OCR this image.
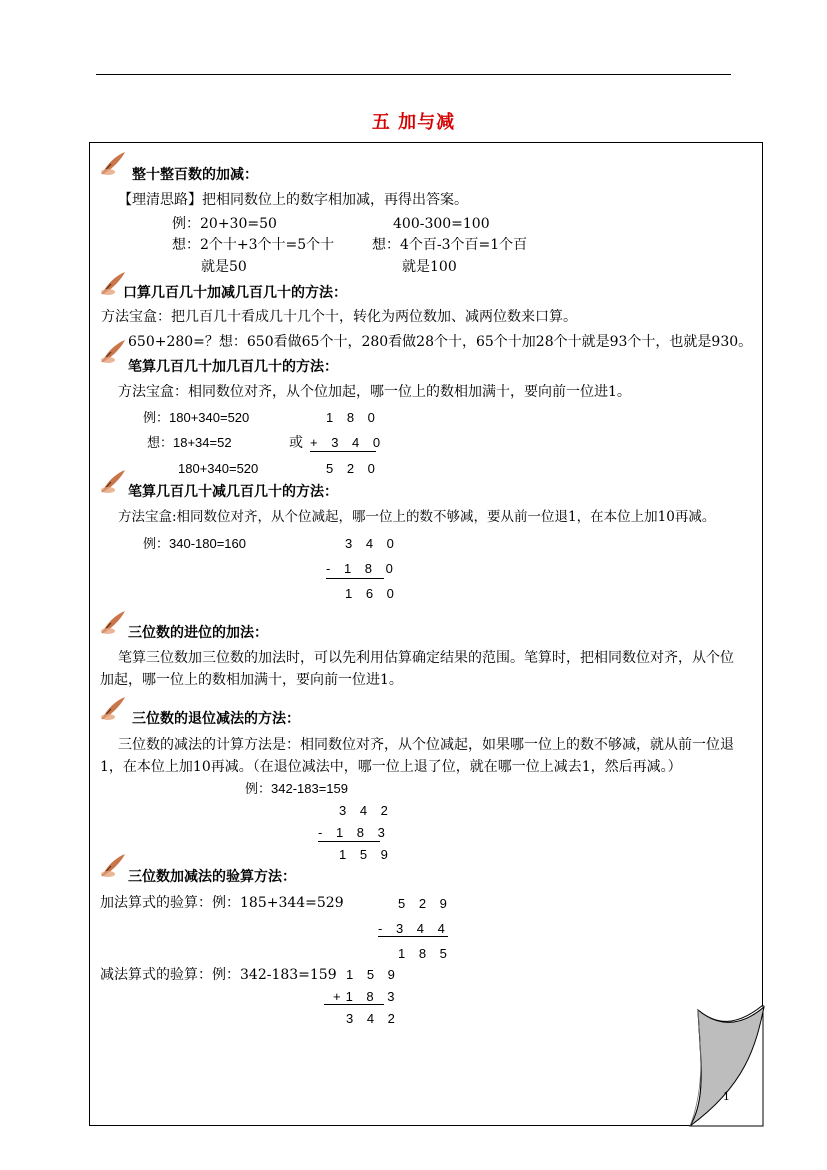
五 加与减
整十整百数的加减：
【理清思路】把相同数位上的数字相加减，再得出答案。
例：20+30=50	400-300=100
想：2个十+3个十=5个十	想：4个百-3个百=1个百
就是50	就是100
口算几百几十加减几百几十的方法：
方法宝盒：把几百几十看成几十几个十，转化为两位数加、减两位数来口算。
650+280=？想：650看做65个十，280看做28个十，65个十加28个十就是93个十，也就是930。
笔算几百几十加几百几十的方法：
方法宝盒：相同数位对齐，从个位加起，哪一位上的数相加满十，要向前一位进1。
例：180+340=520
想：18+34=52
180+340=520
或
1 8 0
+ 3 4 0
5 2 0
笔算几百几十减几百几十的方法：
方法宝盒:相同数位对齐，从个位减起，哪一位上的数不够减，要从前一位退1，在本位上加10再减。
例：340-180=160	3 4 0
- 1 8 0
1 6 0
三位数的进位的加法：
笔算三位数加三位数的加法时，可以先利用估算确定结果的范围。笔算时，把相同数位对齐，从个位
加起，哪一位上的数相加满十，要向前一位进1。
三位数的退位减法的方法：
三位数的减法的计算方法是：相同数位对齐，从个位减起，如果哪一位上的数不够减，就从前一位退
1，在本位上加10再减。（在退位减法中，哪一位上退了位，就在哪一位上减去1，然后再减。）
例：342-183=159
3 4 2
- 1 8 3
1 5 9
三位数加减法的验算方法：
加法算式的验算：例：185+344=529	5 2 9
- 3 4 4
1 8 5
减法算式的验算：例：342-183=159 1 5 9
+1 8 3
3 4 2
1
